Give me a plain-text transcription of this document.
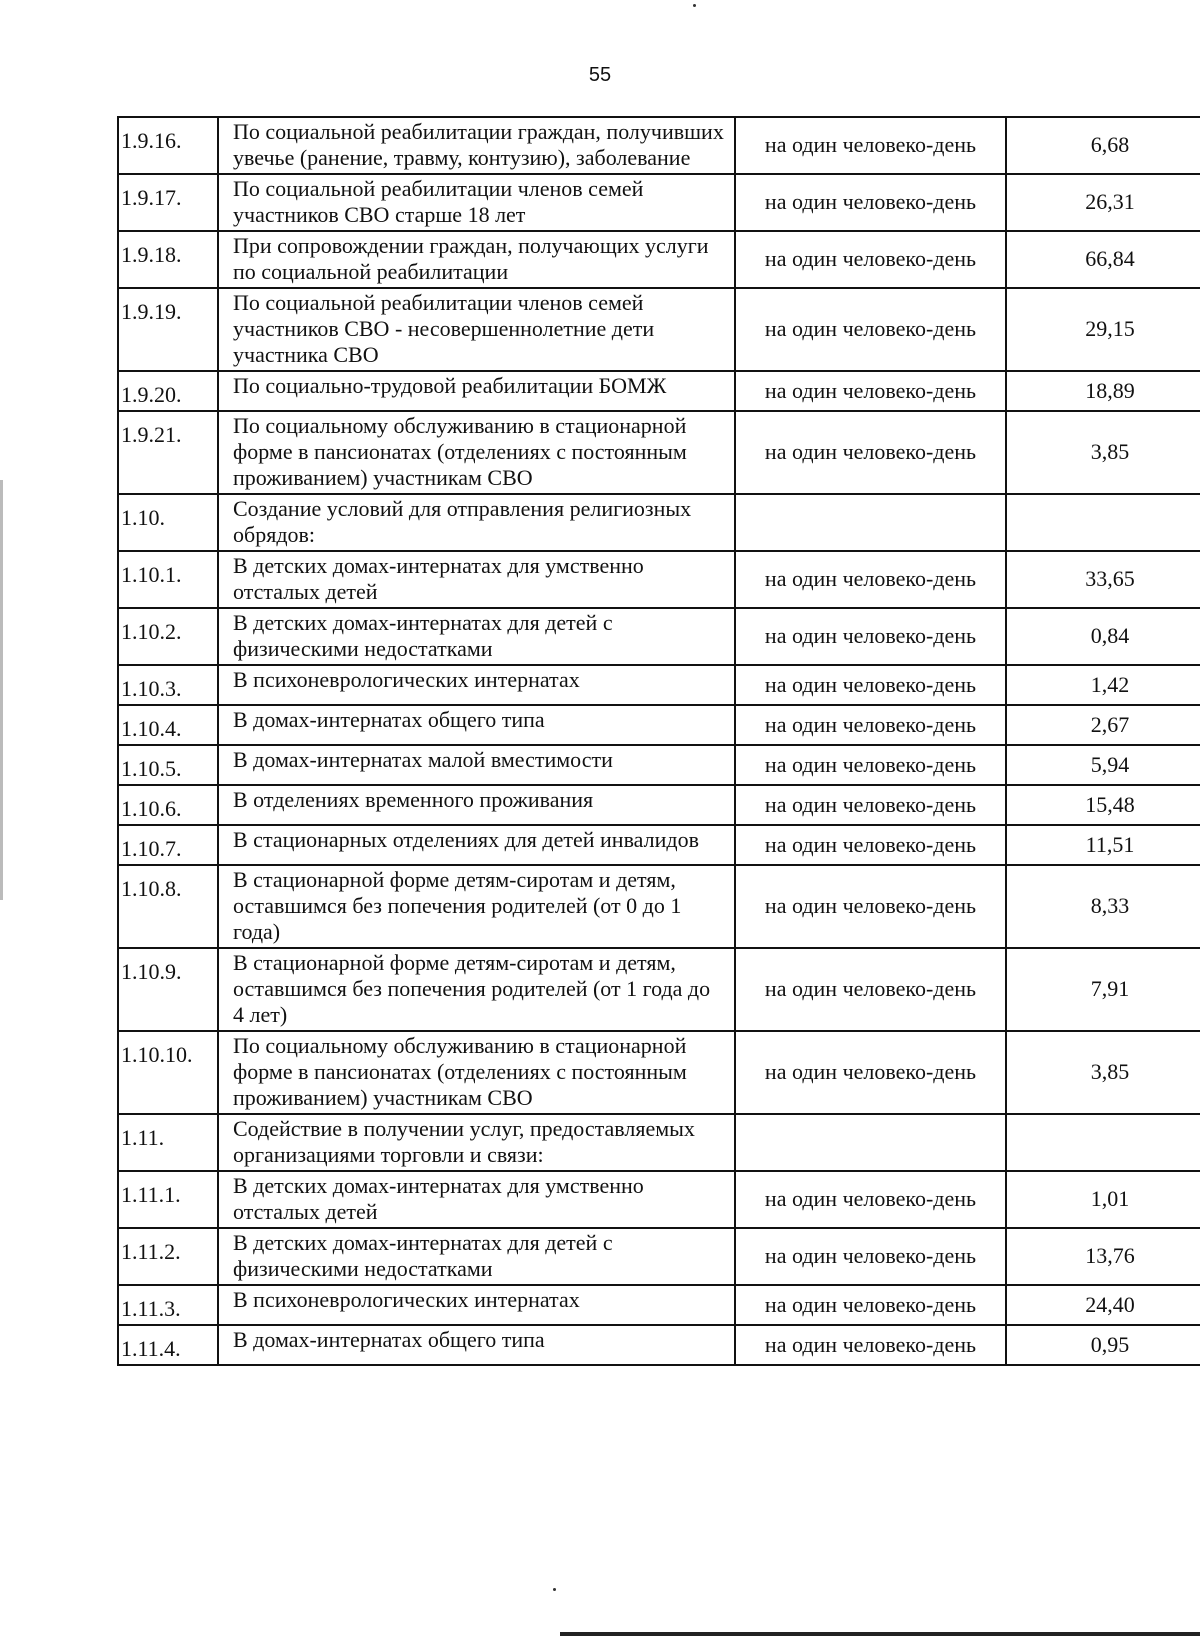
55
1.9.16.	По социальной реабилитации граждан, получивших увечье (ранение, травму, контузию), заболевание	на один человеко-день	6,68
1.9.17.	По социальной реабилитации членов семей участников СВО старше 18 лет	на один человеко-день	26,31
1.9.18.	При сопровождении граждан, получающих услуги по социальной реабилитации	на один человеко-день	66,84
1.9.19.	По социальной реабилитации членов семей участников СВО - несовершеннолетние дети участника СВО	на один человеко-день	29,15
1.9.20.	По социально-трудовой реабилитации БОМЖ	на один человеко-день	18,89
1.9.21.	По социальному обслуживанию в стационарной форме в пансионатах (отделениях с постоянным проживанием) участникам СВО	на один человеко-день	3,85
1.10.	Создание условий для отправления религиозных обрядов:		
1.10.1.	В детских домах-интернатах для умственно отсталых детей	на один человеко-день	33,65
1.10.2.	В детских домах-интернатах для детей с физическими недостатками	на один человеко-день	0,84
1.10.3.	В психоневрологических интернатах	на один человеко-день	1,42
1.10.4.	В домах-интернатах общего типа	на один человеко-день	2,67
1.10.5.	В домах-интернатах малой вместимости	на один человеко-день	5,94
1.10.6.	В отделениях временного проживания	на один человеко-день	15,48
1.10.7.	В стационарных отделениях для детей инвалидов	на один человеко-день	11,51
1.10.8.	В стационарной форме детям-сиротам и детям, оставшимся без попечения родителей (от 0 до 1 года)	на один человеко-день	8,33
1.10.9.	В стационарной форме детям-сиротам и детям, оставшимся без попечения родителей (от 1 года до 4 лет)	на один человеко-день	7,91
1.10.10.	По социальному обслуживанию в стационарной форме в пансионатах (отделениях с постоянным проживанием) участникам СВО	на один человеко-день	3,85
1.11.	Содействие в получении услуг, предоставляемых организациями торговли и связи:		
1.11.1.	В детских домах-интернатах для умственно отсталых детей	на один человеко-день	1,01
1.11.2.	В детских домах-интернатах для детей с физическими недостатками	на один человеко-день	13,76
1.11.3.	В психоневрологических интернатах	на один человеко-день	24,40
1.11.4.	В домах-интернатах общего типа	на один человеко-день	0,95
